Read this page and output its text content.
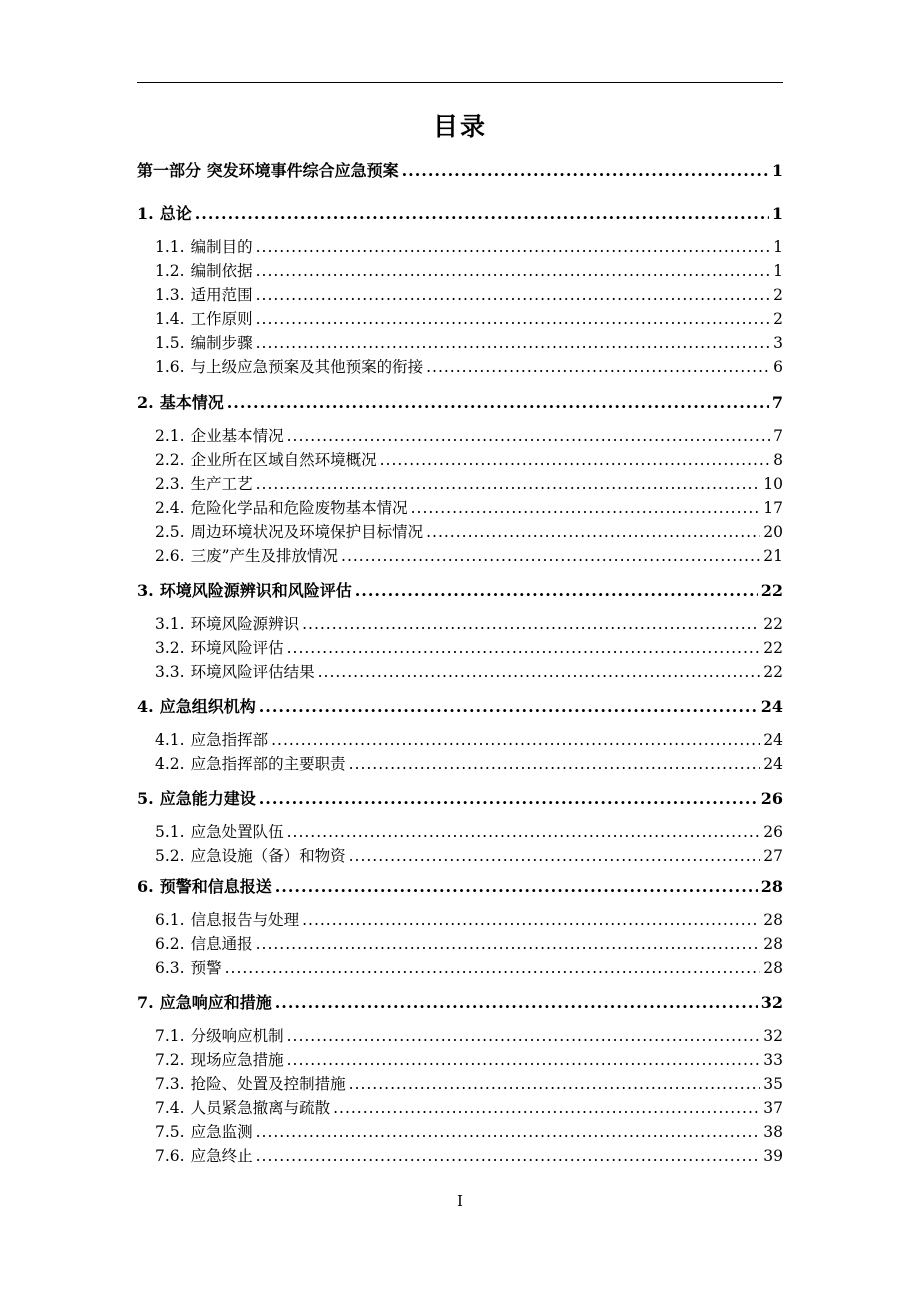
目录
第一部分 突发环境事件综合应急预案 .....	1
1. 总论 .....	1
1.1. 编制目的 .....	1
1.2. 编制依据 .....	1
1.3. 适用范围 .....	2
1.4. 工作原则 .....	2
1.5. 编制步骤 .....	3
1.6. 与上级应急预案及其他预案的衔接 .....	6
2. 基本情况 .....	7
2.1. 企业基本情况 .....	7
2.2. 企业所在区域自然环境概况 .....	8
2.3. 生产工艺 .....	10
2.4. 危险化学品和危险废物基本情况 .....	17
2.5. 周边环境状况及环境保护目标情况 .....	20
2.6. 三废”产生及排放情况 .....	21
3. 环境风险源辨识和风险评估 .....	22
3.1. 环境风险源辨识 .....	22
3.2. 环境风险评估 .....	22
3.3. 环境风险评估结果 .....	22
4. 应急组织机构 .....	24
4.1. 应急指挥部 .....	24
4.2. 应急指挥部的主要职责 .....	24
5. 应急能力建设 .....	26
5.1. 应急处置队伍 .....	26
5.2. 应急设施（备）和物资 .....	27
6. 预警和信息报送 .....	28
6.1. 信息报告与处理 .....	28
6.2. 信息通报 .....	28
6.3. 预警 .....	28
7. 应急响应和措施 .....	32
7.1. 分级响应机制 .....	32
7.2. 现场应急措施 .....	33
7.3. 抢险、处置及控制措施 .....	35
7.4. 人员紧急撤离与疏散 .....	37
7.5. 应急监测 .....	38
7.6. 应急终止 .....	39
I
